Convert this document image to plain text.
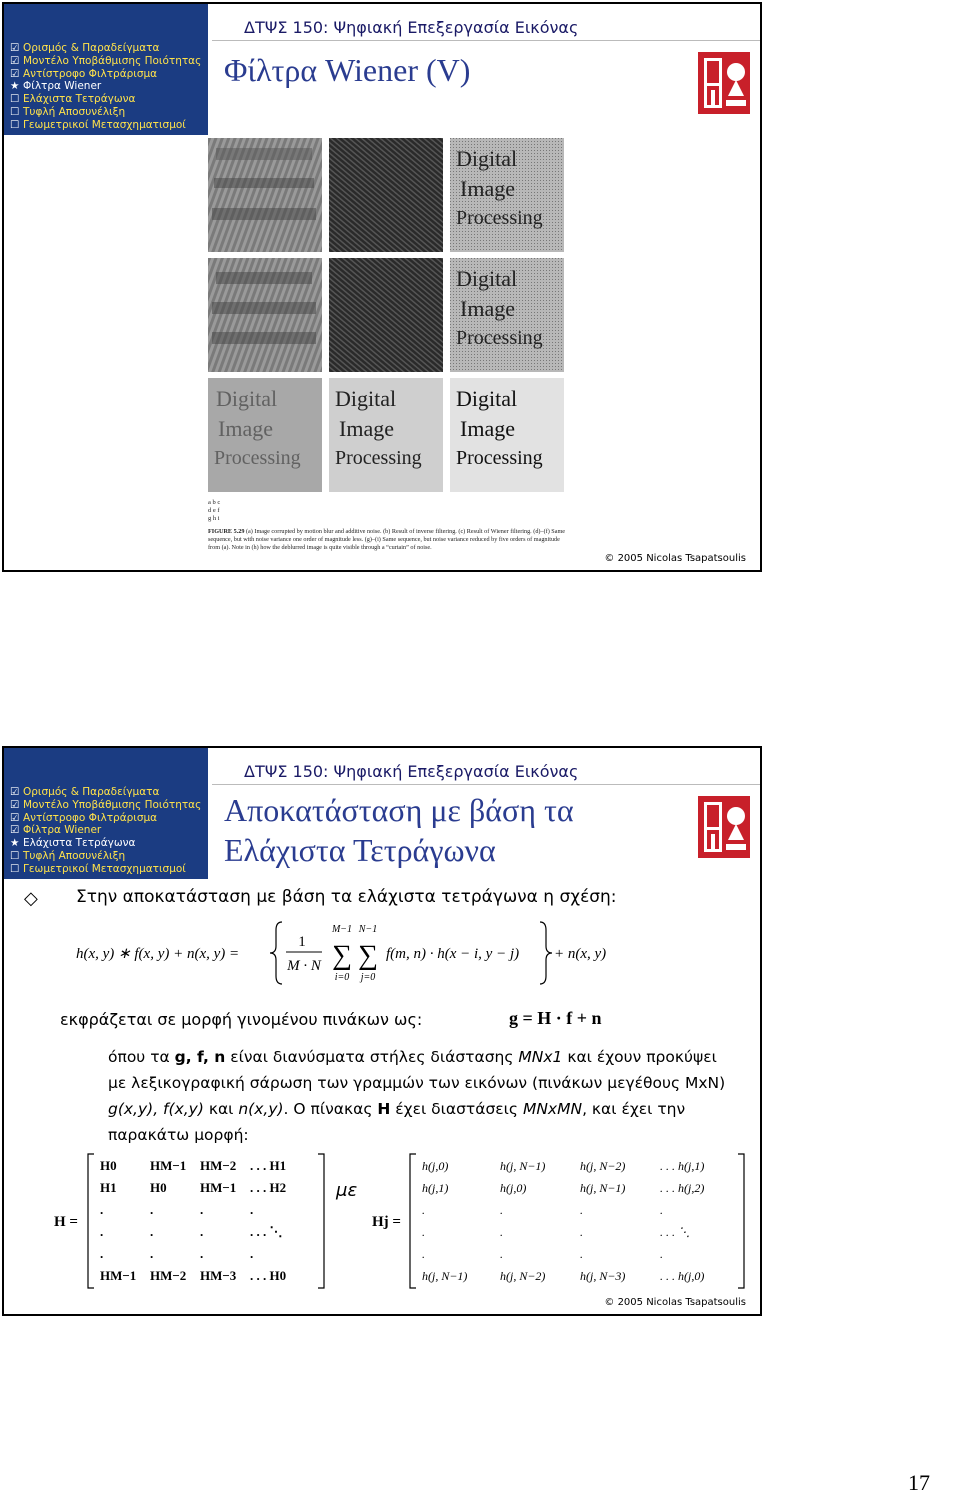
☑ Ορισμός & Παραδείγματα
☑ Μοντέλο Υποβάθμισης Ποιότητας
☑ Αντίστροφο Φιλτράρισμα
★ Φίλτρα Wiener
☐ Ελάχιστα Τετράγωνα
☐ Τυφλή Αποσυνέλιξη
☐ Γεωμετρικοί Μετασχηματισμοί
ΔΤΨΣ 150: Ψηφιακή Επεξεργασία Εικόνας
Φίλτρα Wiener (V)
Digital
Image
Processing
Digital
Image
Processing
Digital
Image
Processing
Digital
Image
Processing
Digital
Image
Processing
a b c
d e f
g h i
FIGURE 5.29 (a) Image corrupted by motion blur and additive noise. (b) Result of inverse filtering. (c) Result of Wiener filtering. (d)–(f) Same sequence, but with noise variance one order of magnitude less. (g)–(i) Same sequence, but noise variance reduced by five orders of magnitude from (a). Note in (h) how the deblurred image is quite visible through a “curtain” of noise.
© 2005 Nicolas Tsapatsoulis
☑ Ορισμός & Παραδείγματα
☑ Μοντέλο Υποβάθμισης Ποιότητας
☑ Αντίστροφο Φιλτράρισμα
☑ Φίλτρα Wiener
★ Ελάχιστα Τετράγωνα
☐ Τυφλή Αποσυνέλιξη
☐ Γεωμετρικοί Μετασχηματισμοί
ΔΤΨΣ 150: Ψηφιακή Επεξεργασία Εικόνας
Αποκατάσταση με βάση τα
Ελάχιστα Τετράγωνα
◇ Στην αποκατάσταση με βάση τα ελάχιστα τετράγωνα η σχέση:
h(x, y) ∗ f(x, y) + n(x, y) =
1
M · N
M−1 N−1
∑ ∑
i=0 j=0
f(m, n) · h(x − i, y − j) + n(x, y)
εκφράζεται σε μορφή γινομένου πινάκων ως:	g = H · f + n
όπου τα g, f, n είναι διανύσματα στήλες διάστασης MNx1 και έχουν προκύψει με λεξικογραφική σάρωση των γραμμών των εικόνων (πινάκων μεγέθους MxN) g(x,y), f(x,y) και n(x,y). Ο πίνακας H έχει διαστάσεις MNxMN, και έχει την παρακάτω μορφή:
H =
H0	HM−1 HM−2 . . . H1
H1	H0	HM−1 . . . H2
.	.	.	.
.	.	.	. . . ⋱
.	.	.	.
HM−1 HM−2 HM−3 . . . H0
με
Hj =
h(j,0)	h(j, N−1)	h(j, N−2)	. . . h(j,1)
h(j,1)	h(j,0)	h(j, N−1)	. . . h(j,2)
.	.	.	.
.	.	.	. . . ⋱
.	.	.	.
h(j, N−1)	h(j, N−2)	h(j, N−3)	. . . h(j,0)
© 2005 Nicolas Tsapatsoulis
17
